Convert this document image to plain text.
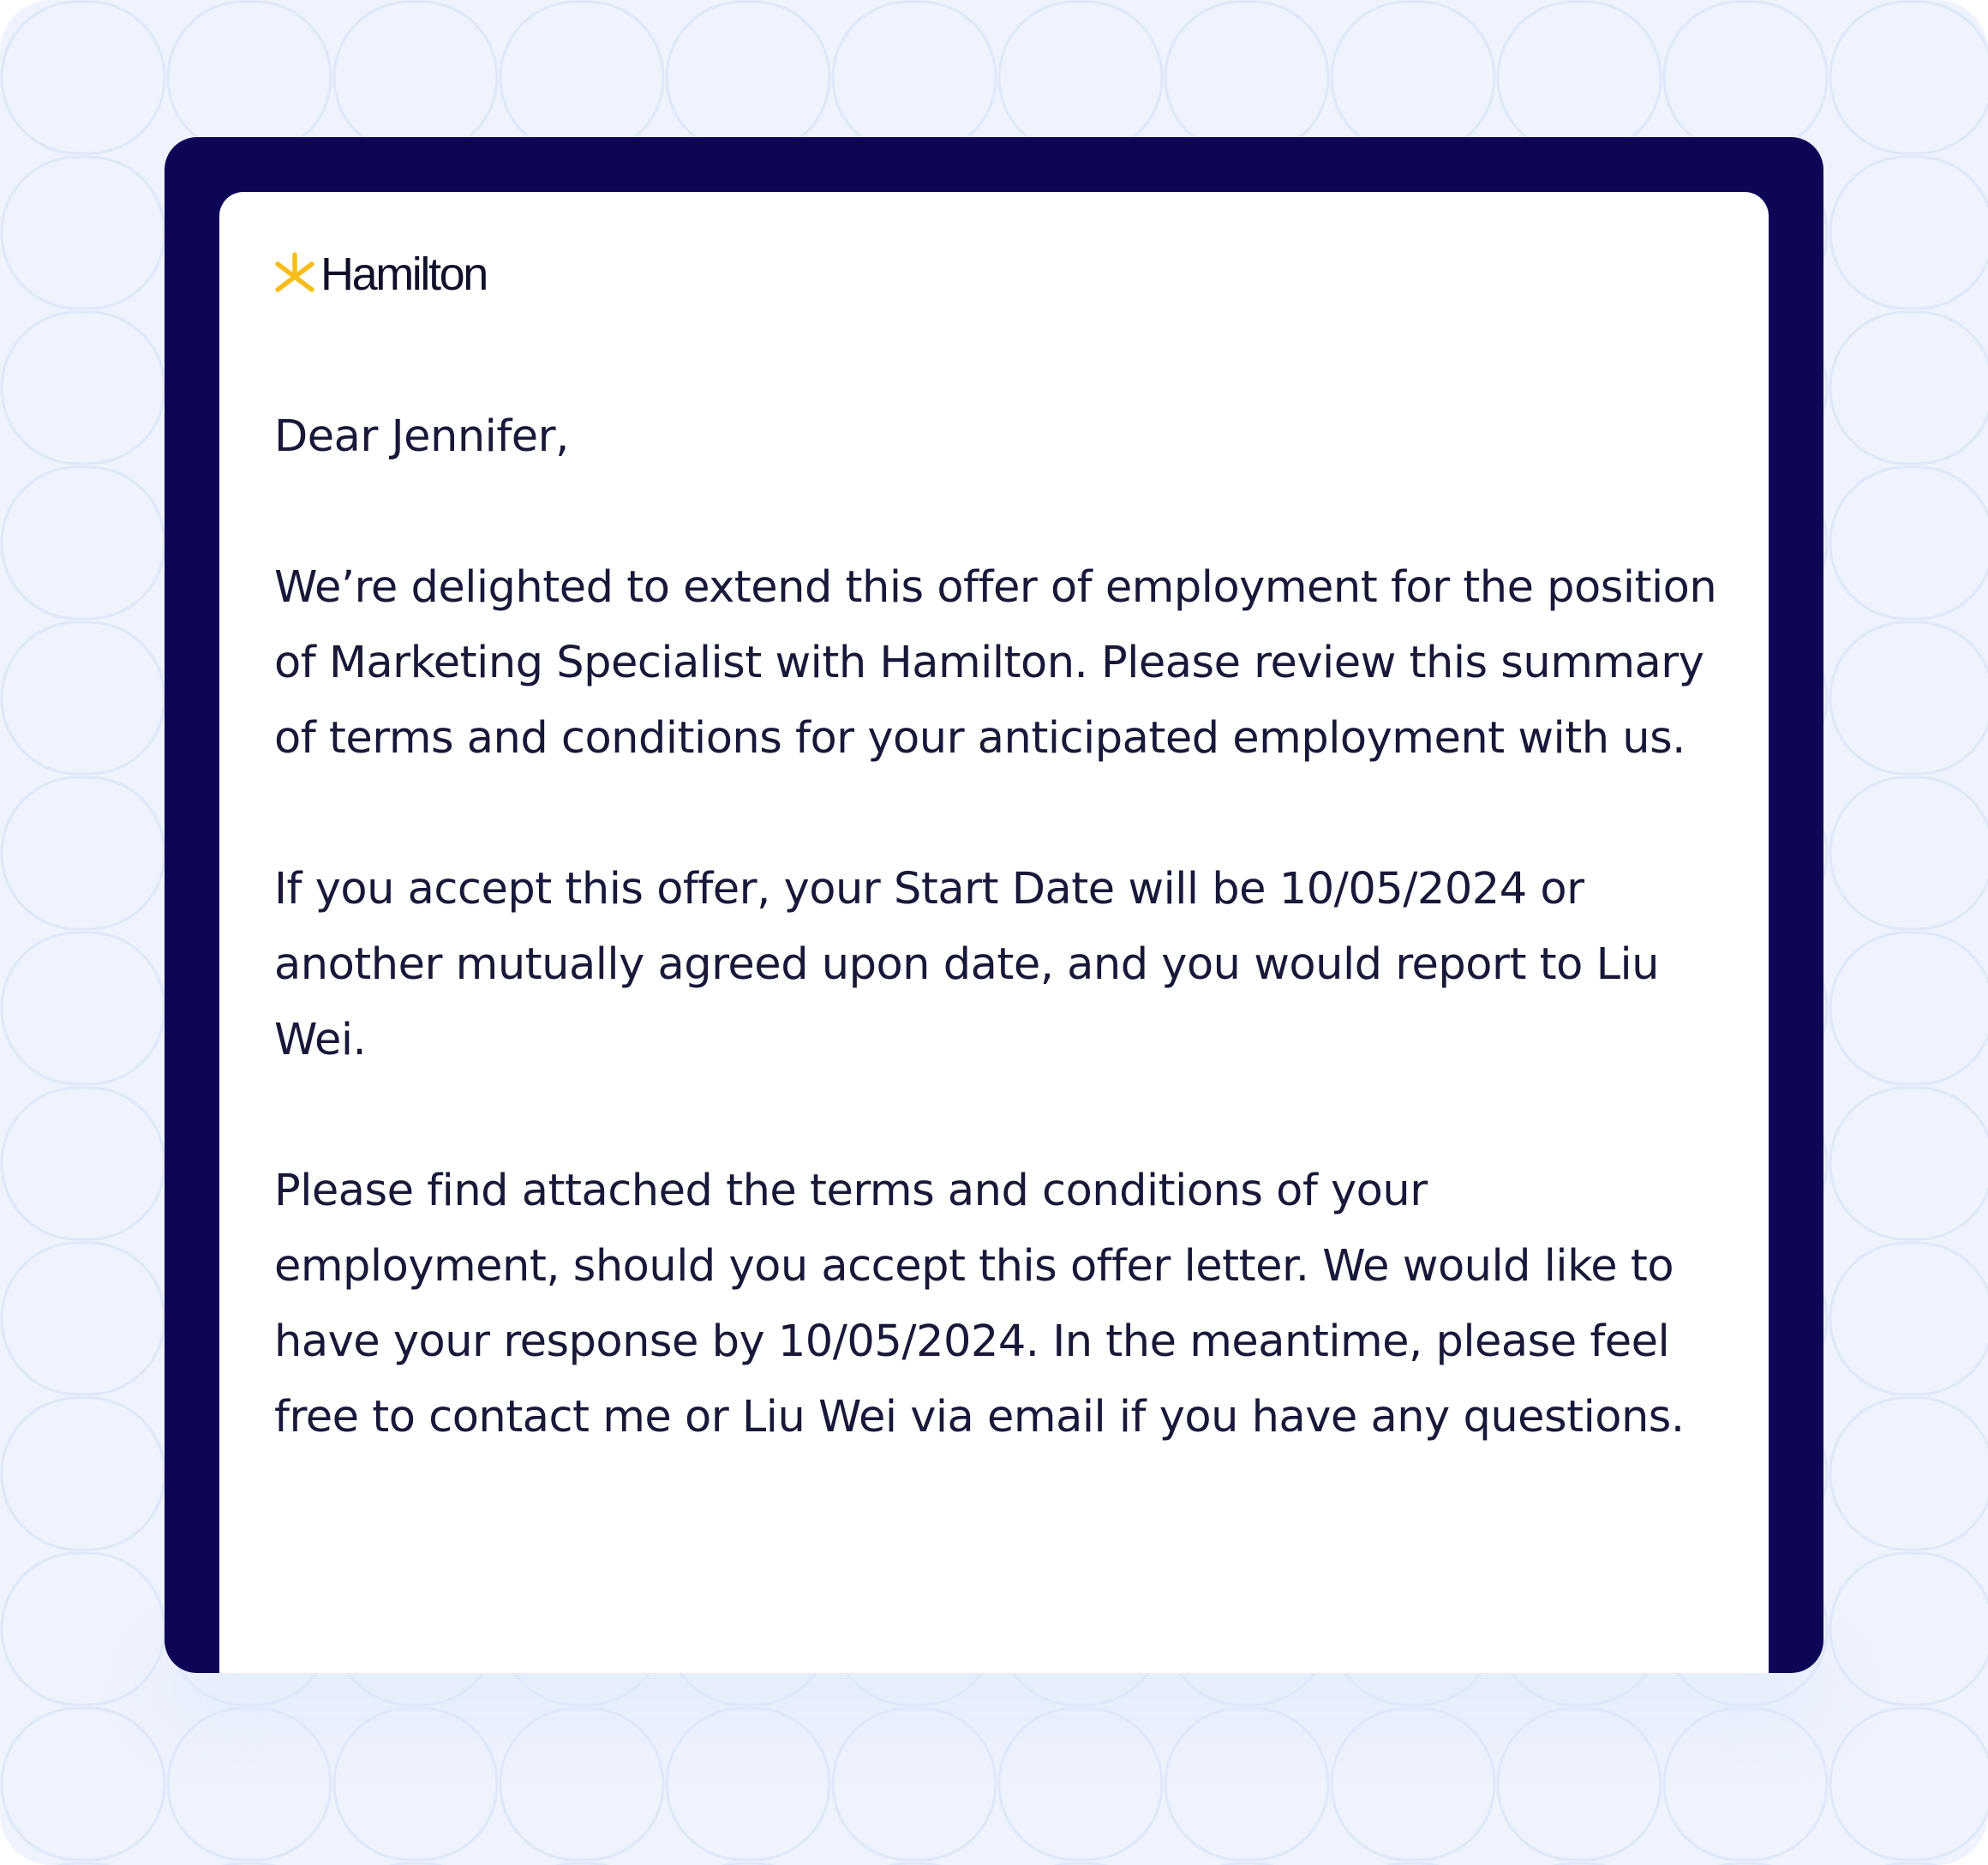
Hamilton

Dear Jennifer,

We’re delighted to extend this offer of employment for the position of Marketing Specialist with Hamilton. Please review this summary of terms and conditions for your anticipated employment with us.

If you accept this offer, your Start Date will be 10/05/2024 or another mutually agreed upon date, and you would report to Liu Wei.

Please find attached the terms and conditions of your employment, should you accept this offer letter. We would like to have your response by 10/05/2024. In the meantime, please feel free to contact me or Liu Wei via email if you have any questions.
